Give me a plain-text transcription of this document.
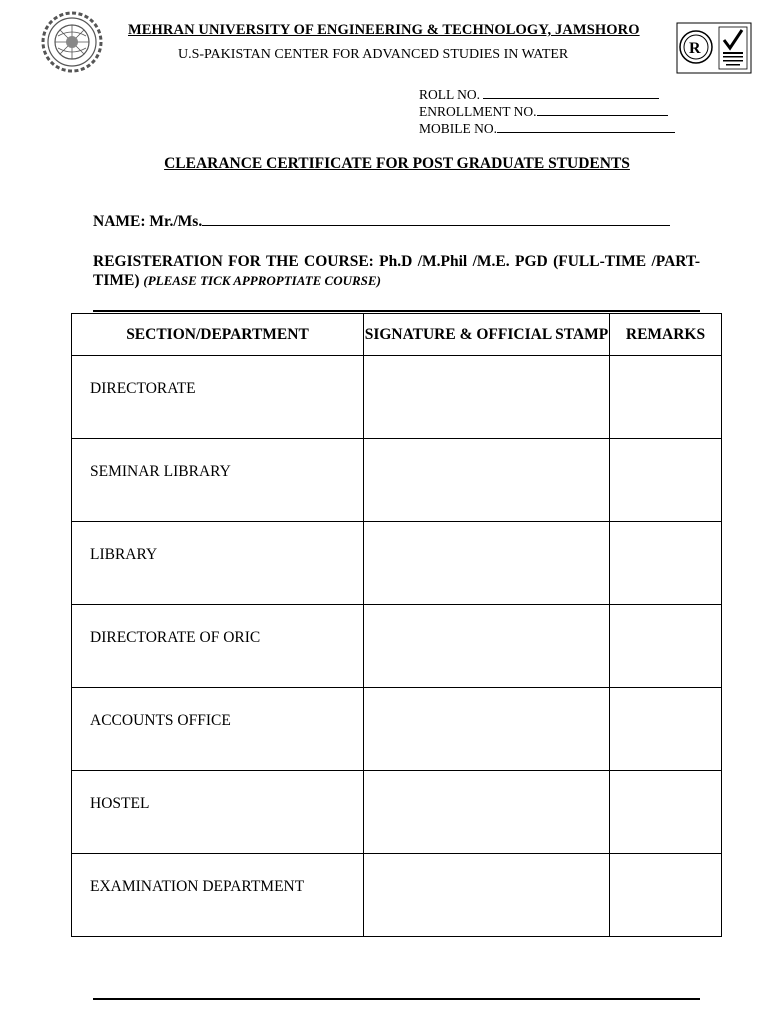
R
MEHRAN UNIVERSITY OF ENGINEERING & TECHNOLOGY, JAMSHORO
U.S-PAKISTAN CENTER FOR ADVANCED STUDIES IN WATER
ROLL NO.
ENROLLMENT NO.
MOBILE NO.
CLEARANCE CERTIFICATE FOR POST GRADUATE STUDENTS
NAME: Mr./Ms.
REGISTERATION FOR THE COURSE: Ph.D /M.Phil /M.E. PGD (FULL-TIME /PART- TIME) (PLEASE TICK APPROPTIATE COURSE)
SECTION/DEPARTMENT	SIGNATURE & OFFICIAL STAMP	REMARKS
DIRECTORATE		
SEMINAR LIBRARY		
LIBRARY		
DIRECTORATE OF ORIC		
ACCOUNTS OFFICE		
HOSTEL		
EXAMINATION DEPARTMENT		
